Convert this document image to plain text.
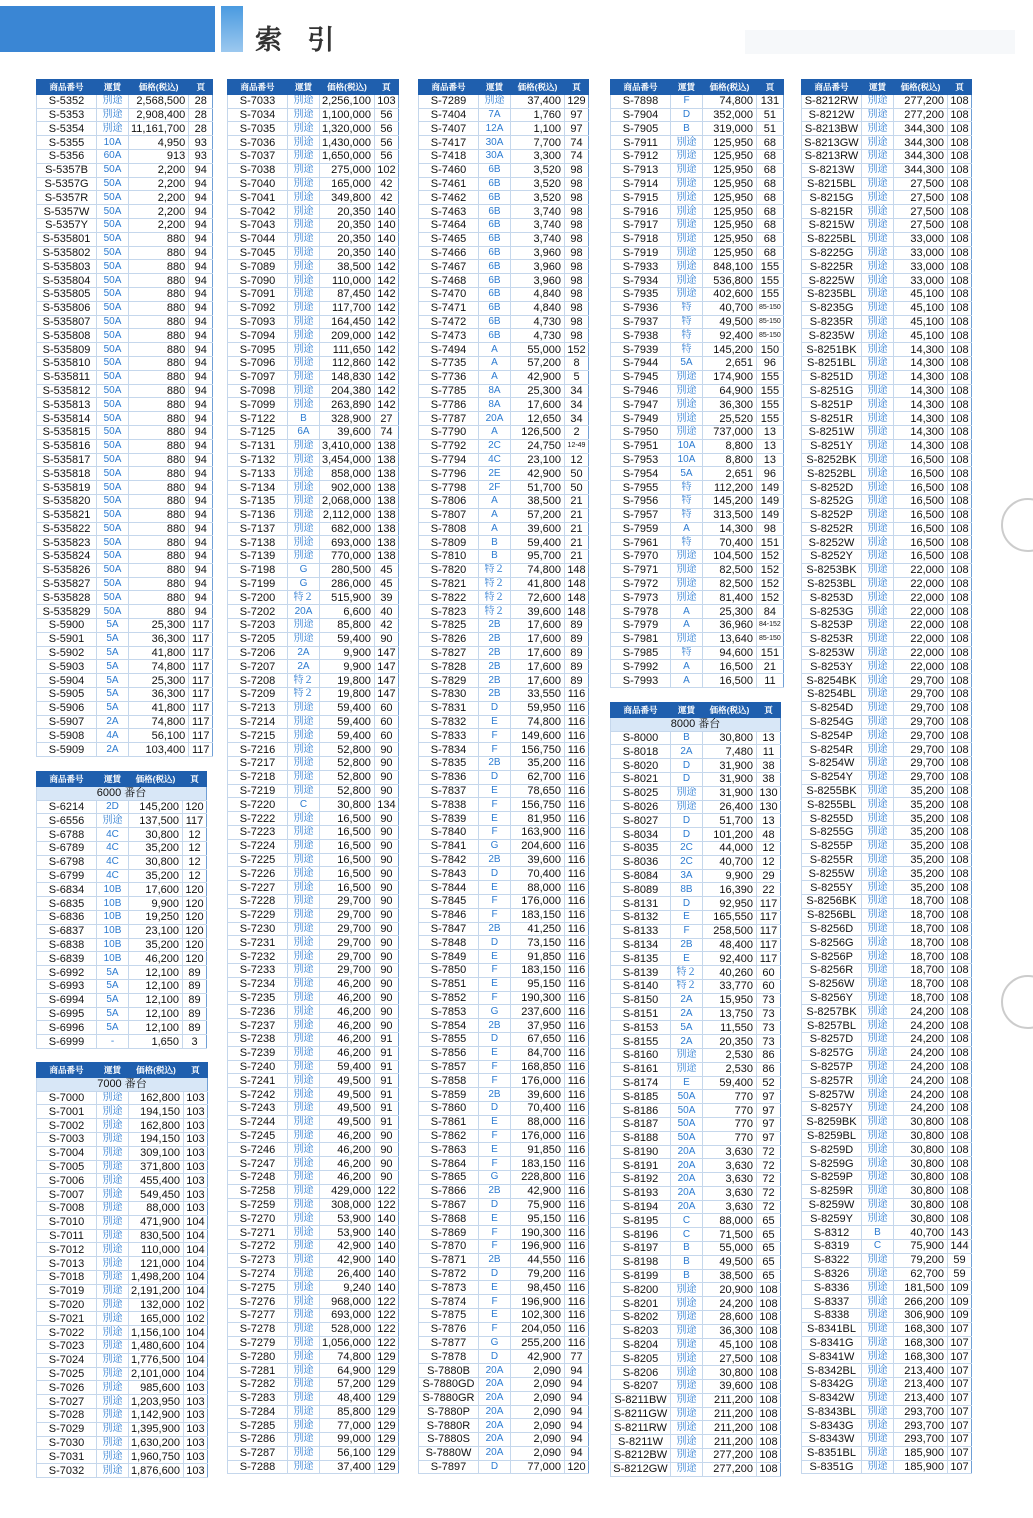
索 引
商品番号	運賃	価格(税込)	頁
S-5352	別途	2,568,500	28
S-5353	別途	2,908,400	28
S-5354	別途	11,161,700	28
S-5355	10A	4,950	93
S-5356	60A	913	93
S-5357B	50A	2,200	94
S-5357G	50A	2,200	94
S-5357R	50A	2,200	94
S-5357W	50A	2,200	94
S-5357Y	50A	2,200	94
S-535801	50A	880	94
S-535802	50A	880	94
S-535803	50A	880	94
S-535804	50A	880	94
S-535805	50A	880	94
S-535806	50A	880	94
S-535807	50A	880	94
S-535808	50A	880	94
S-535809	50A	880	94
S-535810	50A	880	94
S-535811	50A	880	94
S-535812	50A	880	94
S-535813	50A	880	94
S-535814	50A	880	94
S-535815	50A	880	94
S-535816	50A	880	94
S-535817	50A	880	94
S-535818	50A	880	94
S-535819	50A	880	94
S-535820	50A	880	94
S-535821	50A	880	94
S-535822	50A	880	94
S-535823	50A	880	94
S-535824	50A	880	94
S-535826	50A	880	94
S-535827	50A	880	94
S-535828	50A	880	94
S-535829	50A	880	94
S-5900	5A	25,300	117
S-5901	5A	36,300	117
S-5902	5A	41,800	117
S-5903	5A	74,800	117
S-5904	5A	25,300	117
S-5905	5A	36,300	117
S-5906	5A	41,800	117
S-5907	2A	74,800	117
S-5908	4A	56,100	117
S-5909	2A	103,400	117
商品番号	運賃	価格(税込)	頁
6000 番台			
S-6214	2D	145,200	120
S-6556	別途	137,500	117
S-6788	4C	30,800	12
S-6789	4C	35,200	12
S-6798	4C	30,800	12
S-6799	4C	35,200	12
S-6834	10B	17,600	120
S-6835	10B	9,900	120
S-6836	10B	19,250	120
S-6837	10B	23,100	120
S-6838	10B	35,200	120
S-6839	10B	46,200	120
S-6992	5A	12,100	89
S-6993	5A	12,100	89
S-6994	5A	12,100	89
S-6995	5A	12,100	89
S-6996	5A	12,100	89
S-6999	-	1,650	3
商品番号	運賃	価格(税込)	頁
7000 番台			
S-7000	別途	162,800	103
S-7001	別途	194,150	103
S-7002	別途	162,800	103
S-7003	別途	194,150	103
S-7004	別途	309,100	103
S-7005	別途	371,800	103
S-7006	別途	455,400	103
S-7007	別途	549,450	103
S-7008	別途	88,000	103
S-7010	別途	471,900	104
S-7011	別途	830,500	104
S-7012	別途	110,000	104
S-7013	別途	121,000	104
S-7018	別途	1,498,200	104
S-7019	別途	2,191,200	104
S-7020	別途	132,000	102
S-7021	別途	165,000	102
S-7022	別途	1,156,100	104
S-7023	別途	1,480,600	104
S-7024	別途	1,776,500	104
S-7025	別途	2,101,000	104
S-7026	別途	985,600	103
S-7027	別途	1,203,950	103
S-7028	別途	1,142,900	103
S-7029	別途	1,395,900	103
S-7030	別途	1,630,200	103
S-7031	別途	1,960,750	103
S-7032	別途	1,876,600	103
商品番号	運賃	価格(税込)	頁
S-7033	別途	2,256,100	103
S-7034	別途	1,100,000	56
S-7035	別途	1,320,000	56
S-7036	別途	1,430,000	56
S-7037	別途	1,650,000	56
S-7038	別途	275,000	102
S-7040	別途	165,000	42
S-7041	別途	349,800	42
S-7042	別途	20,350	140
S-7043	別途	20,350	140
S-7044	別途	20,350	140
S-7045	別途	20,350	140
S-7089	別途	38,500	142
S-7090	別途	110,000	142
S-7091	別途	87,450	142
S-7092	別途	117,700	142
S-7093	別途	164,450	142
S-7094	別途	209,000	142
S-7095	別途	111,650	142
S-7096	別途	112,860	142
S-7097	別途	148,830	142
S-7098	別途	204,380	142
S-7099	別途	263,890	142
S-7122	B	328,900	27
S-7125	6A	39,600	74
S-7131	別途	3,410,000	138
S-7132	別途	3,454,000	138
S-7133	別途	858,000	138
S-7134	別途	902,000	138
S-7135	別途	2,068,000	138
S-7136	別途	2,112,000	138
S-7137	別途	682,000	138
S-7138	別途	693,000	138
S-7139	別途	770,000	138
S-7198	G	280,500	45
S-7199	G	286,000	45
S-7200	特２	515,900	39
S-7202	20A	6,600	40
S-7203	別途	85,800	42
S-7205	別途	59,400	90
S-7206	2A	9,900	147
S-7207	2A	9,900	147
S-7208	特２	19,800	147
S-7209	特２	19,800	147
S-7213	別途	59,400	60
S-7214	別途	59,400	60
S-7215	別途	59,400	60
S-7216	別途	52,800	90
S-7217	別途	52,800	90
S-7218	別途	52,800	90
S-7219	別途	52,800	90
S-7220	C	30,800	134
S-7222	別途	16,500	90
S-7223	別途	16,500	90
S-7224	別途	16,500	90
S-7225	別途	16,500	90
S-7226	別途	16,500	90
S-7227	別途	16,500	90
S-7228	別途	29,700	90
S-7229	別途	29,700	90
S-7230	別途	29,700	90
S-7231	別途	29,700	90
S-7232	別途	29,700	90
S-7233	別途	29,700	90
S-7234	別途	46,200	90
S-7235	別途	46,200	90
S-7236	別途	46,200	90
S-7237	別途	46,200	90
S-7238	別途	46,200	91
S-7239	別途	46,200	91
S-7240	別途	59,400	91
S-7241	別途	49,500	91
S-7242	別途	49,500	91
S-7243	別途	49,500	91
S-7244	別途	49,500	91
S-7245	別途	46,200	90
S-7246	別途	46,200	90
S-7247	別途	46,200	90
S-7248	別途	46,200	90
S-7258	別途	429,000	122
S-7259	別途	308,000	122
S-7270	別途	53,900	140
S-7271	別途	53,900	140
S-7272	別途	42,900	140
S-7273	別途	42,900	140
S-7274	別途	26,400	140
S-7275	別途	9,240	140
S-7276	別途	968,000	122
S-7277	別途	693,000	122
S-7278	別途	528,000	122
S-7279	別途	1,056,000	122
S-7280	別途	74,800	129
S-7281	別途	64,900	129
S-7282	別途	57,200	129
S-7283	別途	48,400	129
S-7284	別途	85,800	129
S-7285	別途	77,000	129
S-7286	別途	99,000	129
S-7287	別途	56,100	129
S-7288	別途	37,400	129
商品番号	運賃	価格(税込)	頁
S-7289	別途	37,400	129
S-7404	7A	1,760	97
S-7407	12A	1,100	97
S-7417	30A	7,700	74
S-7418	30A	3,300	74
S-7460	6B	3,520	98
S-7461	6B	3,520	98
S-7462	6B	3,520	98
S-7463	6B	3,740	98
S-7464	6B	3,740	98
S-7465	6B	3,740	98
S-7466	6B	3,960	98
S-7467	6B	3,960	98
S-7468	6B	3,960	98
S-7470	6B	4,840	98
S-7471	6B	4,840	98
S-7472	6B	4,730	98
S-7473	6B	4,730	98
S-7494	A	55,000	152
S-7735	A	57,200	8
S-7736	A	42,900	5
S-7785	8A	25,300	34
S-7786	8A	17,600	34
S-7787	20A	12,650	34
S-7790	A	126,500	2
S-7792	2C	24,750	12-49
S-7794	4C	23,100	12
S-7796	2E	42,900	50
S-7798	2F	51,700	50
S-7806	A	38,500	21
S-7807	A	57,200	21
S-7808	A	39,600	21
S-7809	B	59,400	21
S-7810	B	95,700	21
S-7820	特２	74,800	148
S-7821	特２	41,800	148
S-7822	特２	72,600	148
S-7823	特２	39,600	148
S-7825	2B	17,600	89
S-7826	2B	17,600	89
S-7827	2B	17,600	89
S-7828	2B	17,600	89
S-7829	2B	17,600	89
S-7830	2B	33,550	116
S-7831	D	59,950	116
S-7832	E	74,800	116
S-7833	F	149,600	116
S-7834	F	156,750	116
S-7835	2B	35,200	116
S-7836	D	62,700	116
S-7837	E	78,650	116
S-7838	F	156,750	116
S-7839	E	81,950	116
S-7840	F	163,900	116
S-7841	G	204,600	116
S-7842	2B	39,600	116
S-7843	D	70,400	116
S-7844	E	88,000	116
S-7845	F	176,000	116
S-7846	F	183,150	116
S-7847	2B	41,250	116
S-7848	D	73,150	116
S-7849	E	91,850	116
S-7850	F	183,150	116
S-7851	E	95,150	116
S-7852	F	190,300	116
S-7853	G	237,600	116
S-7854	2B	37,950	116
S-7855	D	67,650	116
S-7856	E	84,700	116
S-7857	F	168,850	116
S-7858	F	176,000	116
S-7859	2B	39,600	116
S-7860	D	70,400	116
S-7861	E	88,000	116
S-7862	F	176,000	116
S-7863	E	91,850	116
S-7864	F	183,150	116
S-7865	G	228,800	116
S-7866	2B	42,900	116
S-7867	D	75,900	116
S-7868	E	95,150	116
S-7869	F	190,300	116
S-7870	F	196,900	116
S-7871	2B	44,550	116
S-7872	D	79,200	116
S-7873	E	98,450	116
S-7874	F	196,900	116
S-7875	E	102,300	116
S-7876	F	204,050	116
S-7877	G	255,200	116
S-7878	D	42,900	77
S-7880B	20A	2,090	94
S-7880GD	20A	2,090	94
S-7880GR	20A	2,090	94
S-7880P	20A	2,090	94
S-7880R	20A	2,090	94
S-7880S	20A	2,090	94
S-7880W	20A	2,090	94
S-7897	D	77,000	120
商品番号	運賃	価格(税込)	頁
S-7898	F	74,800	131
S-7904	D	352,000	51
S-7905	B	319,000	51
S-7911	別途	125,950	68
S-7912	別途	125,950	68
S-7913	別途	125,950	68
S-7914	別途	125,950	68
S-7915	別途	125,950	68
S-7916	別途	125,950	68
S-7917	別途	125,950	68
S-7918	別途	125,950	68
S-7919	別途	125,950	68
S-7933	別途	848,100	155
S-7934	別途	536,800	155
S-7935	別途	402,600	155
S-7936	特	40,700	85-150
S-7937	特	49,500	85-150
S-7938	特	92,400	85-150
S-7939	特	145,200	150
S-7944	5A	2,651	96
S-7945	別途	174,900	155
S-7946	別途	64,900	155
S-7947	別途	36,300	155
S-7949	別途	25,520	155
S-7950	別途	737,000	13
S-7951	10A	8,800	13
S-7953	10A	8,800	13
S-7954	5A	2,651	96
S-7955	特	112,200	149
S-7956	特	145,200	149
S-7957	特	313,500	149
S-7959	A	14,300	98
S-7961	特	70,400	151
S-7970	別途	104,500	152
S-7971	別途	82,500	152
S-7972	別途	82,500	152
S-7973	別途	81,400	152
S-7978	A	25,300	84
S-7979	A	36,960	84-152
S-7981	別途	13,640	85-150
S-7985	特	94,600	151
S-7992	A	16,500	21
S-7993	A	16,500	11
商品番号	運賃	価格(税込)	頁
8000 番台			
S-8000	B	30,800	13
S-8018	2A	7,480	11
S-8020	D	31,900	38
S-8021	D	31,900	38
S-8025	別途	31,900	130
S-8026	別途	26,400	130
S-8027	D	51,700	13
S-8034	D	101,200	48
S-8035	2C	44,000	12
S-8036	2C	40,700	12
S-8084	3A	9,900	29
S-8089	8B	16,390	22
S-8131	D	92,950	117
S-8132	E	165,550	117
S-8133	F	258,500	117
S-8134	2B	48,400	117
S-8135	E	92,400	117
S-8139	特２	40,260	60
S-8140	特２	33,770	60
S-8150	2A	15,950	73
S-8151	2A	13,750	73
S-8153	5A	11,550	73
S-8155	2A	20,350	73
S-8160	別途	2,530	86
S-8161	別途	2,530	86
S-8174	E	59,400	52
S-8185	50A	770	97
S-8186	50A	770	97
S-8187	50A	770	97
S-8188	50A	770	97
S-8190	20A	3,630	72
S-8191	20A	3,630	72
S-8192	20A	3,630	72
S-8193	20A	3,630	72
S-8194	20A	3,630	72
S-8195	C	88,000	65
S-8196	C	71,500	65
S-8197	B	55,000	65
S-8198	B	49,500	65
S-8199	B	38,500	65
S-8200	別途	20,900	108
S-8201	別途	24,200	108
S-8202	別途	28,600	108
S-8203	別途	36,300	108
S-8204	別途	45,100	108
S-8205	別途	27,500	108
S-8206	別途	30,800	108
S-8207	別途	39,600	108
S-8211BW	別途	211,200	108
S-8211GW	別途	211,200	108
S-8211RW	別途	211,200	108
S-8211W	別途	211,200	108
S-8212BW	別途	277,200	108
S-8212GW	別途	277,200	108
商品番号	運賃	価格(税込)	頁
S-8212RW	別途	277,200	108
S-8212W	別途	277,200	108
S-8213BW	別途	344,300	108
S-8213GW	別途	344,300	108
S-8213RW	別途	344,300	108
S-8213W	別途	344,300	108
S-8215BL	別途	27,500	108
S-8215G	別途	27,500	108
S-8215R	別途	27,500	108
S-8215W	別途	27,500	108
S-8225BL	別途	33,000	108
S-8225G	別途	33,000	108
S-8225R	別途	33,000	108
S-8225W	別途	33,000	108
S-8235BL	別途	45,100	108
S-8235G	別途	45,100	108
S-8235R	別途	45,100	108
S-8235W	別途	45,100	108
S-8251BK	別途	14,300	108
S-8251BL	別途	14,300	108
S-8251D	別途	14,300	108
S-8251G	別途	14,300	108
S-8251P	別途	14,300	108
S-8251R	別途	14,300	108
S-8251W	別途	14,300	108
S-8251Y	別途	14,300	108
S-8252BK	別途	16,500	108
S-8252BL	別途	16,500	108
S-8252D	別途	16,500	108
S-8252G	別途	16,500	108
S-8252P	別途	16,500	108
S-8252R	別途	16,500	108
S-8252W	別途	16,500	108
S-8252Y	別途	16,500	108
S-8253BK	別途	22,000	108
S-8253BL	別途	22,000	108
S-8253D	別途	22,000	108
S-8253G	別途	22,000	108
S-8253P	別途	22,000	108
S-8253R	別途	22,000	108
S-8253W	別途	22,000	108
S-8253Y	別途	22,000	108
S-8254BK	別途	29,700	108
S-8254BL	別途	29,700	108
S-8254D	別途	29,700	108
S-8254G	別途	29,700	108
S-8254P	別途	29,700	108
S-8254R	別途	29,700	108
S-8254W	別途	29,700	108
S-8254Y	別途	29,700	108
S-8255BK	別途	35,200	108
S-8255BL	別途	35,200	108
S-8255D	別途	35,200	108
S-8255G	別途	35,200	108
S-8255P	別途	35,200	108
S-8255R	別途	35,200	108
S-8255W	別途	35,200	108
S-8255Y	別途	35,200	108
S-8256BK	別途	18,700	108
S-8256BL	別途	18,700	108
S-8256D	別途	18,700	108
S-8256G	別途	18,700	108
S-8256P	別途	18,700	108
S-8256R	別途	18,700	108
S-8256W	別途	18,700	108
S-8256Y	別途	18,700	108
S-8257BK	別途	24,200	108
S-8257BL	別途	24,200	108
S-8257D	別途	24,200	108
S-8257G	別途	24,200	108
S-8257P	別途	24,200	108
S-8257R	別途	24,200	108
S-8257W	別途	24,200	108
S-8257Y	別途	24,200	108
S-8259BK	別途	30,800	108
S-8259BL	別途	30,800	108
S-8259D	別途	30,800	108
S-8259G	別途	30,800	108
S-8259P	別途	30,800	108
S-8259R	別途	30,800	108
S-8259W	別途	30,800	108
S-8259Y	別途	30,800	108
S-8312	B	40,700	143
S-8319	C	75,900	144
S-8322	別途	79,200	59
S-8326	別途	62,700	59
S-8336	別途	181,500	109
S-8337	別途	266,200	109
S-8338	別途	306,900	109
S-8341BL	別途	168,300	107
S-8341G	別途	168,300	107
S-8341W	別途	168,300	107
S-8342BL	別途	213,400	107
S-8342G	別途	213,400	107
S-8342W	別途	213,400	107
S-8343BL	別途	293,700	107
S-8343G	別途	293,700	107
S-8343W	別途	293,700	107
S-8351BL	別途	185,900	107
S-8351G	別途	185,900	107
